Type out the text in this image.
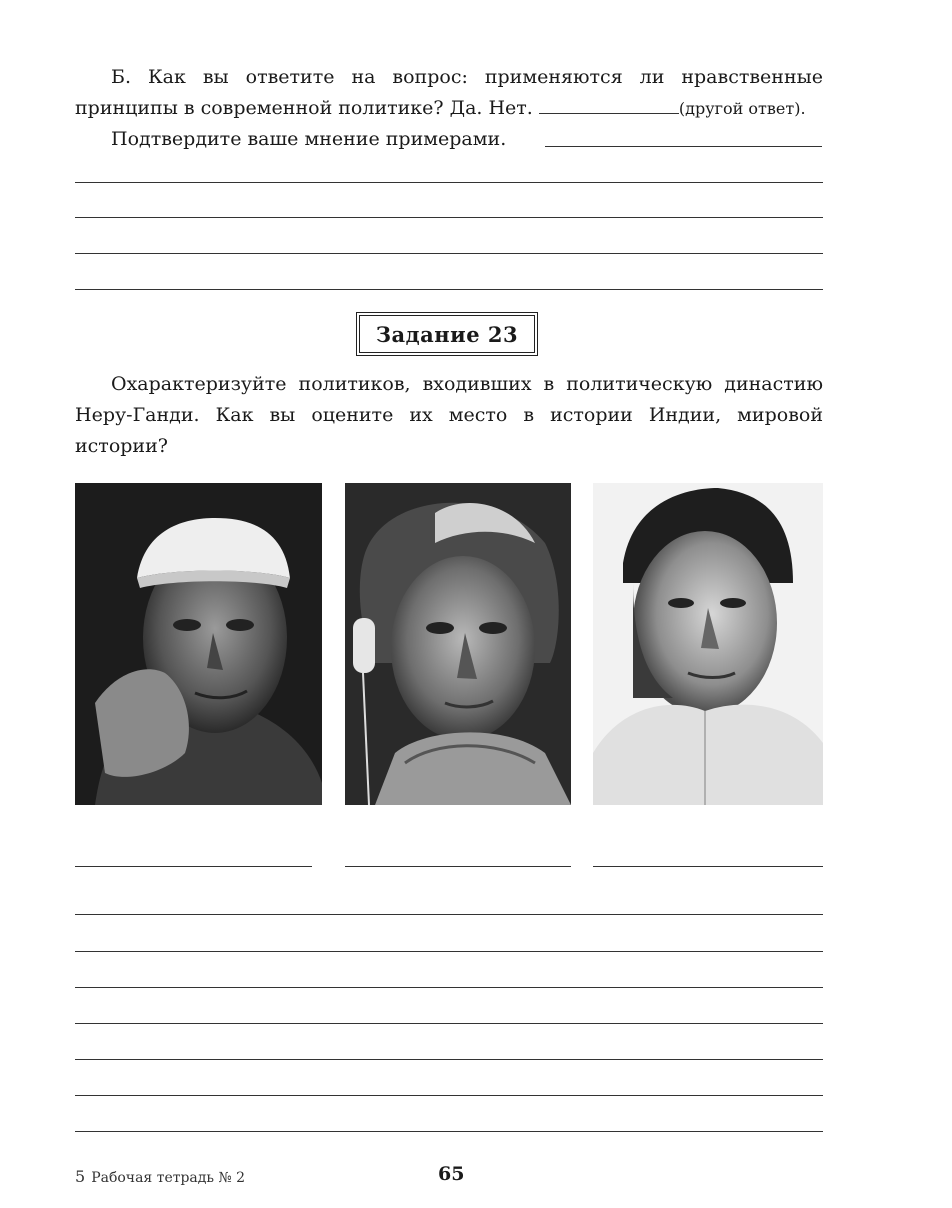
Б. Как вы ответите на вопрос: применяются ли нравственные принципы в современной политике? Да. Нет.	(другой ответ).

Подтвердите ваше мнение примерами.

Задание 23

Охарактеризуйте политиков, входивших в политическую династию Неру-Ганди. Как вы оцените их место в истории Индии, мировой истории?

5 Рабочая тетрадь № 2	65
